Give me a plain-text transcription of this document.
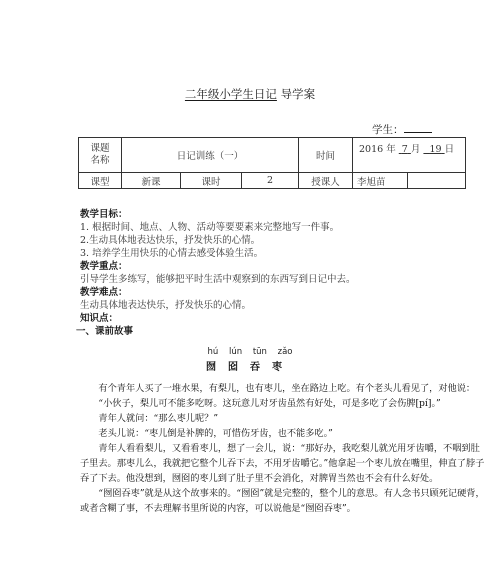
二年级小学生日记 导学案
学生：
课题名称	日记训练（一）			时间	2016 年 7 月 19 日	
课型	新课	课时	2	授课人	李旭苗	
教学目标：
1. 根据时间、地点、人物、活动等要要素来完整地写一件事。
2.生动具体地表达快乐，抒发快乐的心情。
3. 培养学生用快乐的心情去感受体验生活。
教学重点：
引导学生多练写，能够把平时生活中观察到的东西写到日记中去。
教学难点：
生动具体地表达快乐，抒发快乐的心情。
知识点：
一、课前故事
hú lún tūn zǎo
囫囵吞枣

有个青年人买了一堆水果，有梨儿，也有枣儿，坐在路边上吃。有个老头儿看见了，对他说：

“小伙子，梨儿可不能多吃呀。这玩意儿对牙齿虽然有好处，可是多吃了会伤脾[pí]。”

青年人就问：“那么枣儿呢？”

老头儿说：“枣儿倒是补脾的，可惜伤牙齿，也不能多吃。”

青年人看看梨儿，又看看枣儿，想了一会儿，说：“那好办，我吃梨儿就光用牙齿嚼，不咽到肚子里去。那枣儿么，我就把它整个儿吞下去，不用牙齿嚼它。”他拿起一个枣儿放在嘴里，伸直了脖子吞了下去。他没想到，囫囵的枣儿到了肚子里不会消化，对脾胃当然也不会有什么好处。

“囫囵吞枣”就是从这个故事来的。“囫囵”就是完整的，整个儿的意思。有人念书只顾死记硬背，或者含糊了事，不去理解书里所说的内容，可以说他是“囫囵吞枣”。
